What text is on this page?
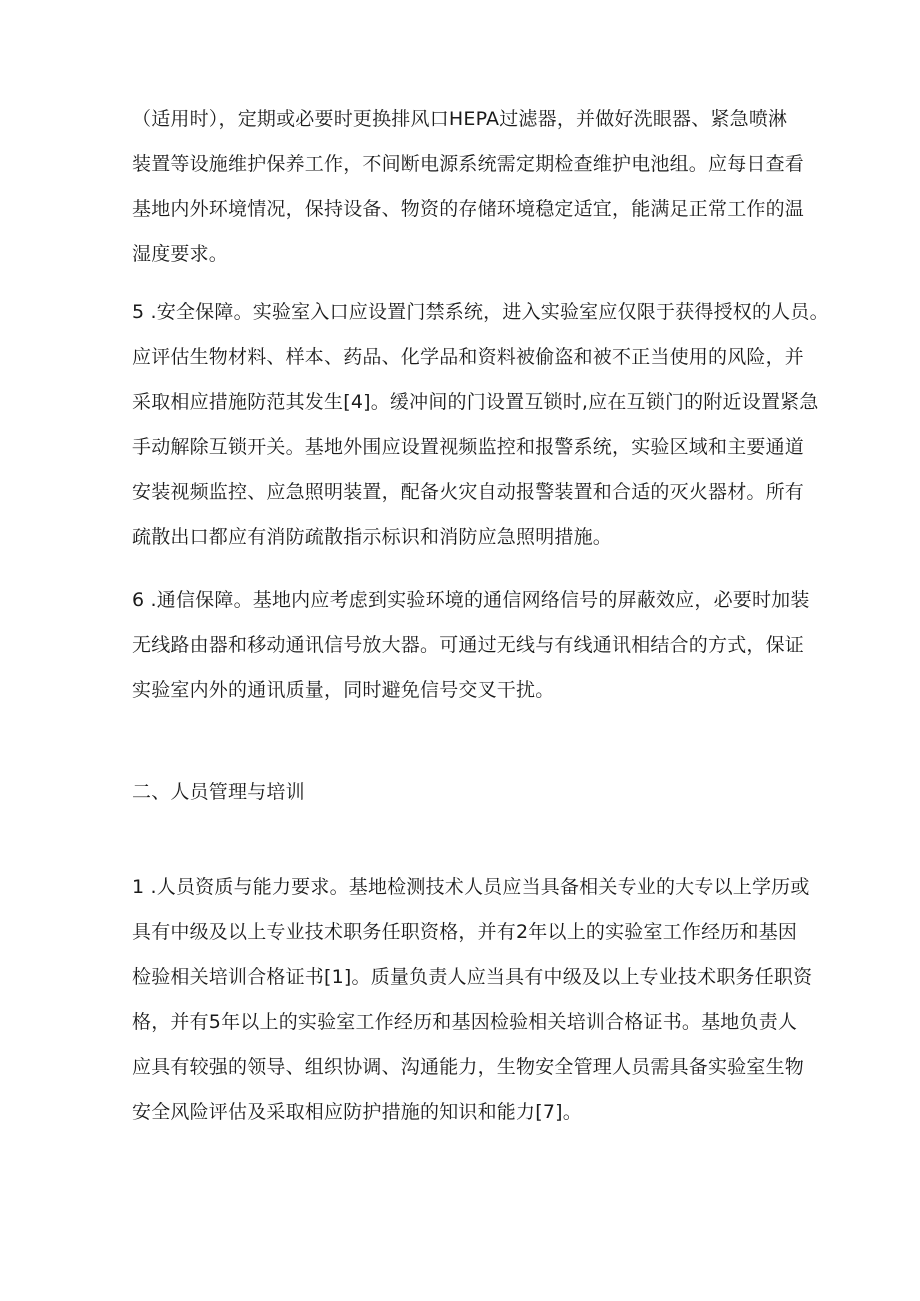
（适用时），定期或必要时更换排风口HEPA过滤器，并做好洗眼器、紧急喷淋
装置等设施维护保养工作，不间断电源系统需定期检查维护电池组。应每日查看
基地内外环境情况，保持设备、物资的存储环境稳定适宜，能满足正常工作的温
湿度要求。
5 .安全保障。实验室入口应设置门禁系统，进入实验室应仅限于获得授权的人员。
应评估生物材料、样本、药品、化学品和资料被偷盗和被不正当使用的风险，并
采取相应措施防范其发生[4]。缓冲间的门设置互锁时,应在互锁门的附近设置紧急
手动解除互锁开关。基地外围应设置视频监控和报警系统，实验区域和主要通道
安装视频监控、应急照明装置，配备火灾自动报警装置和合适的灭火器材。所有
疏散出口都应有消防疏散指示标识和消防应急照明措施。
6 .通信保障。基地内应考虑到实验环境的通信网络信号的屏蔽效应，必要时加装
无线路由器和移动通讯信号放大器。可通过无线与有线通讯相结合的方式，保证
实验室内外的通讯质量，同时避免信号交叉干扰。
二、人员管理与培训
1 .人员资质与能力要求。基地检测技术人员应当具备相关专业的大专以上学历或
具有中级及以上专业技术职务任职资格，并有2年以上的实验室工作经历和基因
检验相关培训合格证书[1]。质量负责人应当具有中级及以上专业技术职务任职资
格，并有5年以上的实验室工作经历和基因检验相关培训合格证书。基地负责人
应具有较强的领导、组织协调、沟通能力，生物安全管理人员需具备实验室生物
安全风险评估及采取相应防护措施的知识和能力[7]。
